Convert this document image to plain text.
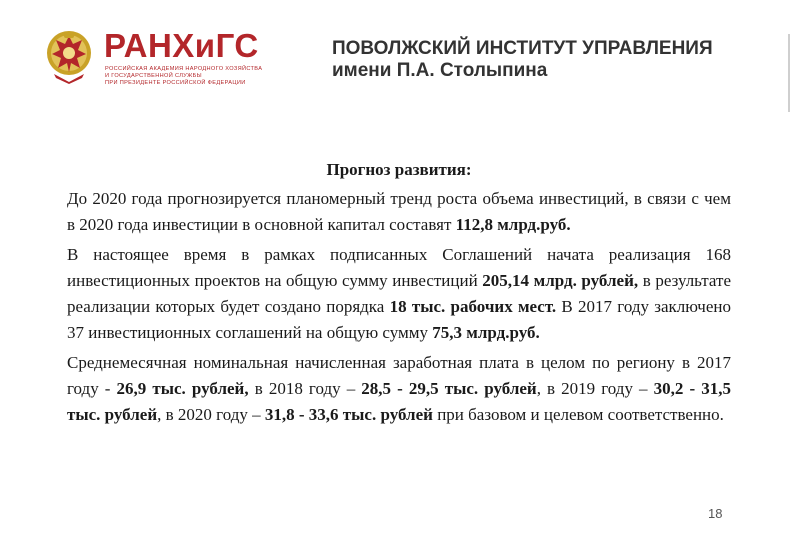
РАНХиГС
РОССИЙСКАЯ АКАДЕМИЯ НАРОДНОГО ХОЗЯЙСТВА
И ГОСУДАРСТВЕННОЙ СЛУЖБЫ
ПРИ ПРЕЗИДЕНТЕ РОССИЙСКОЙ ФЕДЕРАЦИИ
ПОВОЛЖСКИЙ ИНСТИТУТ УПРАВЛЕНИЯ
имени П.А. Столыпина
Прогноз развития:

До 2020 года прогнозируется планомерный тренд роста объема инвестиций, в связи с чем в 2020 года инвестиции в основной капитал составят 112,8 млрд.руб.

В настоящее время в рамках подписанных Соглашений начата реализация 168 инвестиционных проектов на общую сумму инвестиций 205,14 млрд. рублей, в результате реализации которых будет создано порядка 18 тыс. рабочих мест. В 2017 году заключено 37 инвестиционных соглашений на общую сумму 75,3 млрд.руб.

Среднемесячная номинальная начисленная заработная плата в целом по региону в 2017 году - 26,9 тыс. рублей, в 2018 году – 28,5 - 29,5 тыс. рублей, в 2019 году – 30,2 - 31,5 тыс. рублей, в 2020 году – 31,8 - 33,6 тыс. рублей при базовом и целевом соответственно.

18
